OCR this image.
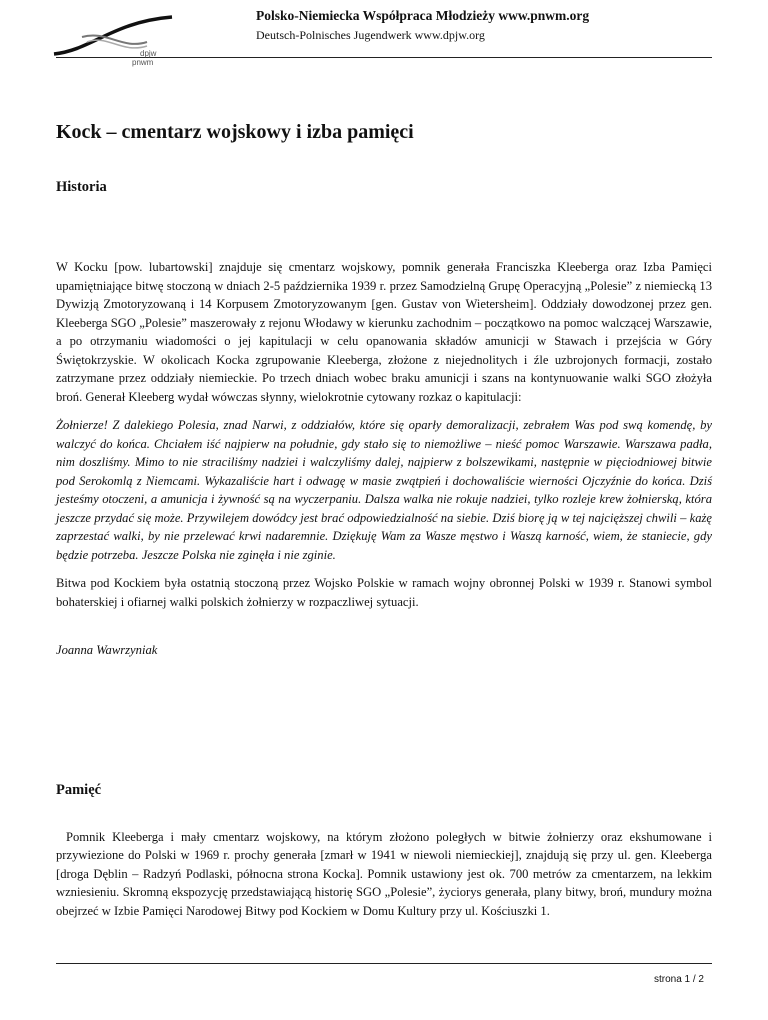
dpjw
pnwm
Polsko-Niemiecka Współpraca Młodzieży www.pnwm.org
Deutsch-Polnisches Jugendwerk www.dpjw.org
Kock – cmentarz wojskowy i izba pamięci
Historia

W Kocku [pow. lubartowski] znajduje się cmentarz wojskowy, pomnik generała Franciszka Kleeberga oraz Izba Pamięci upamiętniające bitwę stoczoną w dniach 2-5 października 1939 r. przez Samodzielną Grupę Operacyjną „Polesie” z niemiecką 13 Dywizją Zmotoryzowaną i 14 Korpusem Zmotoryzowanym [gen. Gustav von Wietersheim]. Oddziały dowodzonej przez gen. Kleeberga SGO „Polesie” maszerowały z rejonu Włodawy w kierunku zachodnim – początkowo na pomoc walczącej Warszawie, a po otrzymaniu wiadomości o jej kapitulacji w celu opanowania składów amunicji w Stawach i przejścia w Góry Świętokrzyskie. W okolicach Kocka zgrupowanie Kleeberga, złożone z niejednolitych i źle uzbrojonych formacji, zostało zatrzymane przez oddziały niemieckie. Po trzech dniach wobec braku amunicji i szans na kontynuowanie walki SGO złożyła broń. Generał Kleeberg wydał wówczas słynny, wielokrotnie cytowany rozkaz o kapitulacji:

Żołnierze! Z dalekiego Polesia, znad Narwi, z oddziałów, które się oparły demoralizacji, zebrałem Was pod swą komendę, by walczyć do końca. Chciałem iść najpierw na południe, gdy stało się to niemożliwe – nieść pomoc Warszawie. Warszawa padła, nim doszliśmy. Mimo to nie straciliśmy nadziei i walczyliśmy dalej, najpierw z bolszewikami, następnie w pięciodniowej bitwie pod Serokomlą z Niemcami. Wykazaliście hart i odwagę w masie zwątpień i dochowaliście wierności Ojczyźnie do końca. Dziś jesteśmy otoczeni, a amunicja i żywność są na wyczerpaniu. Dalsza walka nie rokuje nadziei, tylko rozleje krew żołnierską, która jeszcze przydać się może. Przywilejem dowódcy jest brać odpowiedzialność na siebie. Dziś biorę ją w tej najcięższej chwili – każę zaprzestać walki, by nie przelewać krwi nadaremnie. Dziękuję Wam za Wasze męstwo i Waszą karność, wiem, że staniecie, gdy będzie potrzeba. Jeszcze Polska nie zginęła i nie zginie.

Bitwa pod Kockiem była ostatnią stoczoną przez Wojsko Polskie w ramach wojny obronnej Polski w 1939 r. Stanowi symbol bohaterskiej i ofiarnej walki polskich żołnierzy w rozpaczliwej sytuacji.

Joanna Wawrzyniak

Pamięć

Pomnik Kleeberga i mały cmentarz wojskowy, na którym złożono poległych w bitwie żołnierzy oraz ekshumowane i przywiezione do Polski w 1969 r. prochy generała [zmarł w 1941 w niewoli niemieckiej], znajdują się przy ul. gen. Kleeberga [droga Dęblin – Radzyń Podlaski, północna strona Kocka]. Pomnik ustawiony jest ok. 700 metrów za cmentarzem, na lekkim wzniesieniu. Skromną ekspozycję przedstawiającą historię SGO „Polesie”, życiorys generała, plany bitwy, broń, mundury można obejrzeć w Izbie Pamięci Narodowej Bitwy pod Kockiem w Domu Kultury przy ul. Kościuszki 1.

strona 1 / 2
